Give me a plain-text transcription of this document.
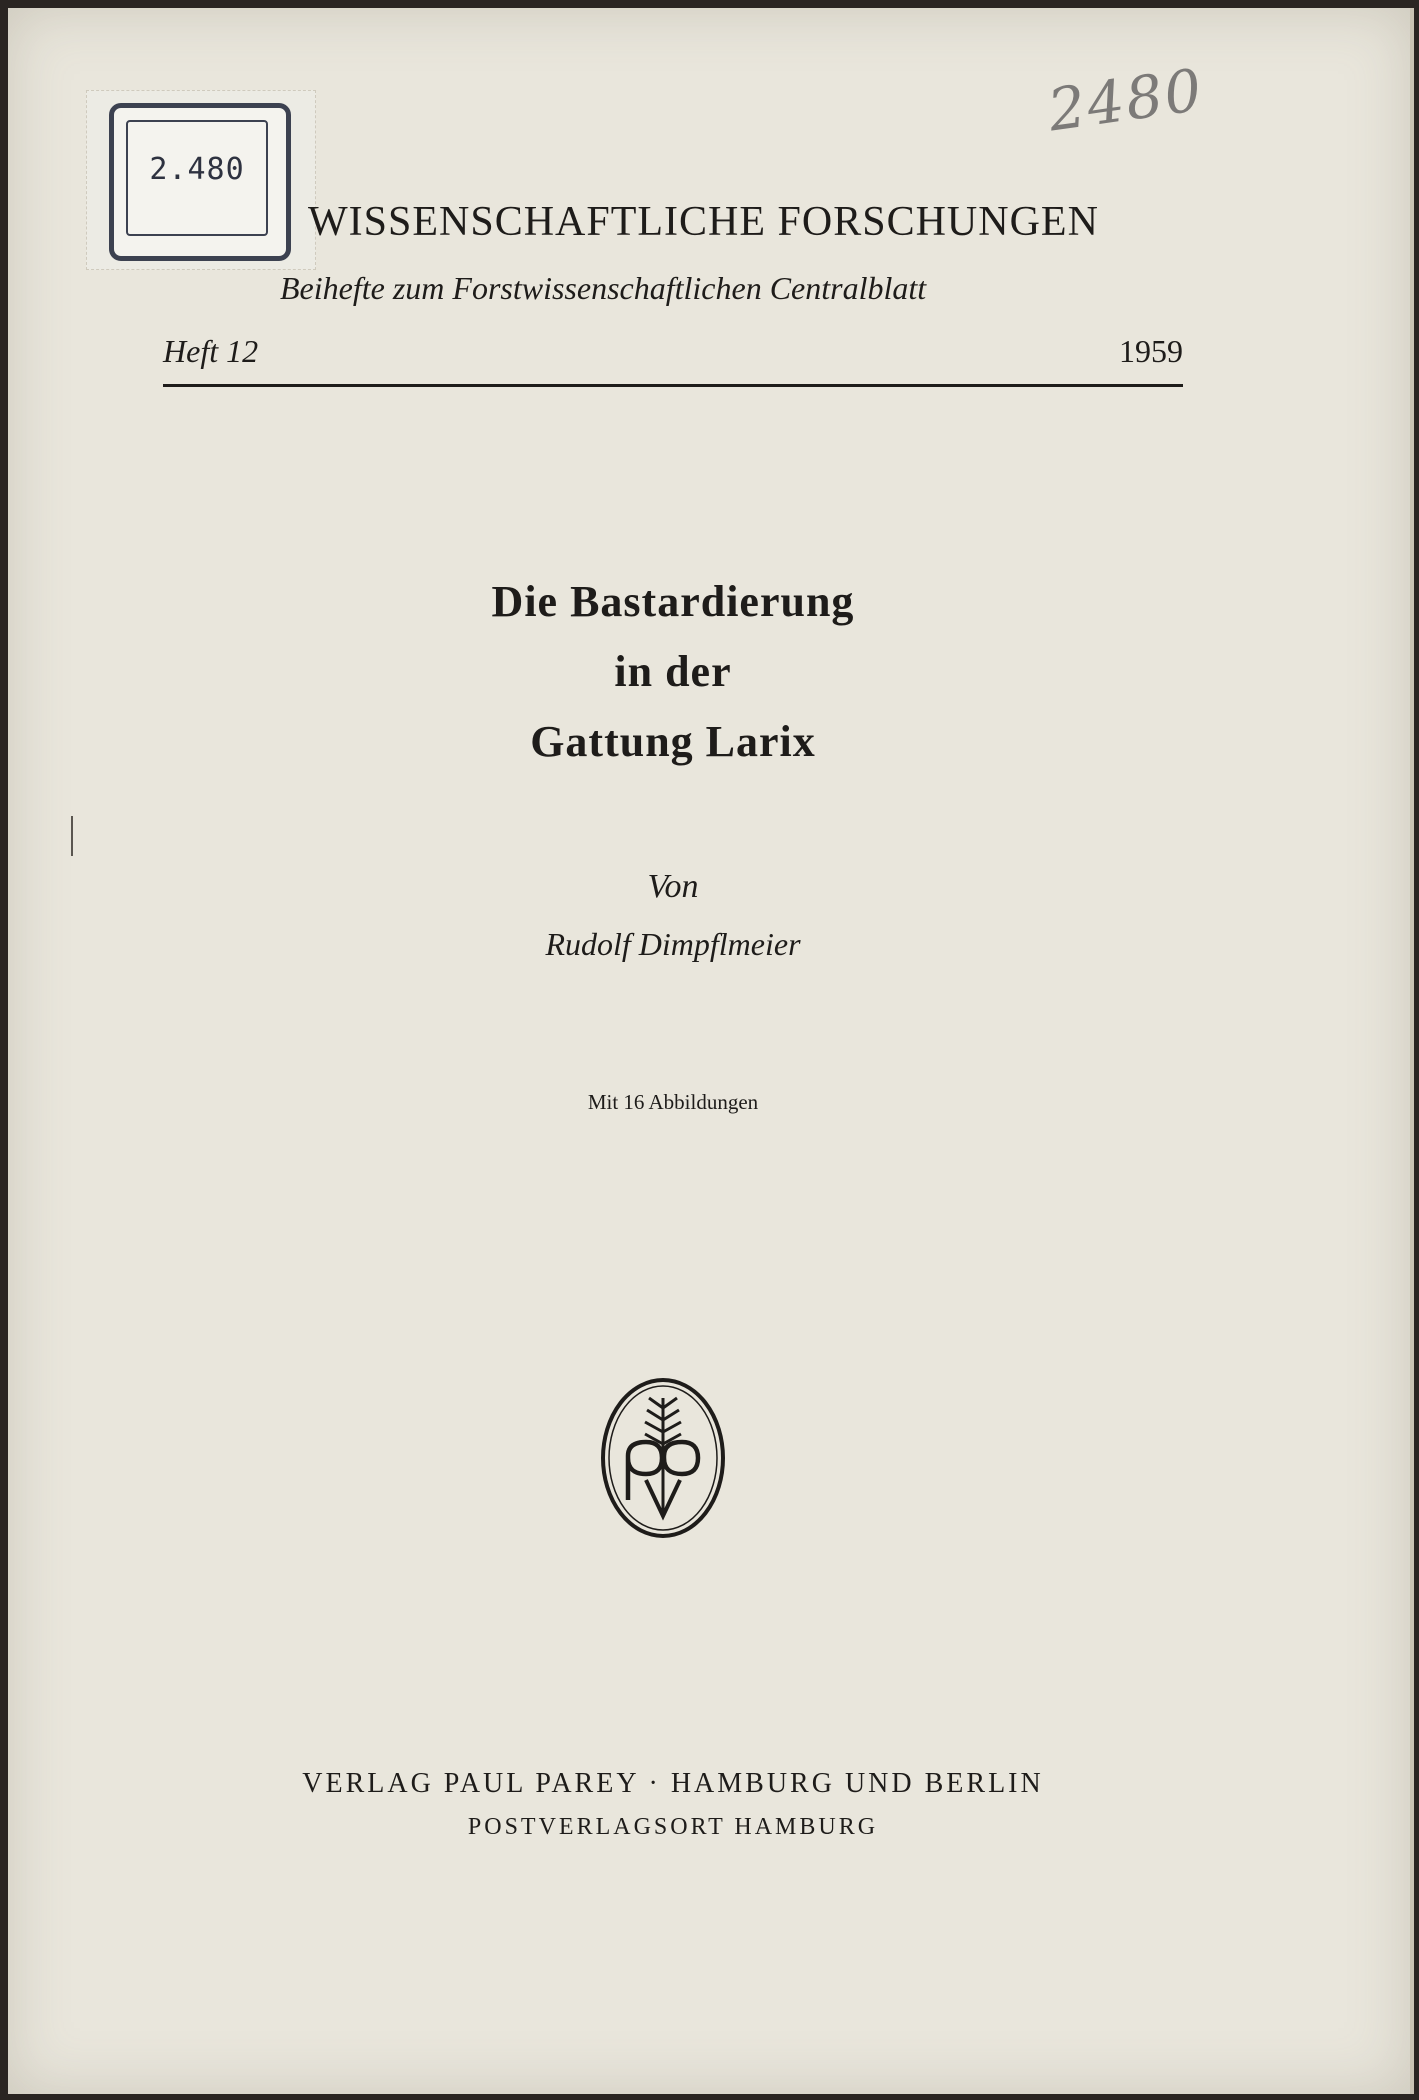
2.480
2480
WISSENSCHAFTLICHE FORSCHUNGEN
Beihefte zum Forstwissenschaftlichen Centralblatt
Heft 12	1959
Die Bastardierung
in der
Gattung Larix
Von
Rudolf Dimpflmeier
Mit 16 Abbildungen
VERLAG PAUL PAREY · HAMBURG UND BERLIN
POSTVERLAGSORT HAMBURG
